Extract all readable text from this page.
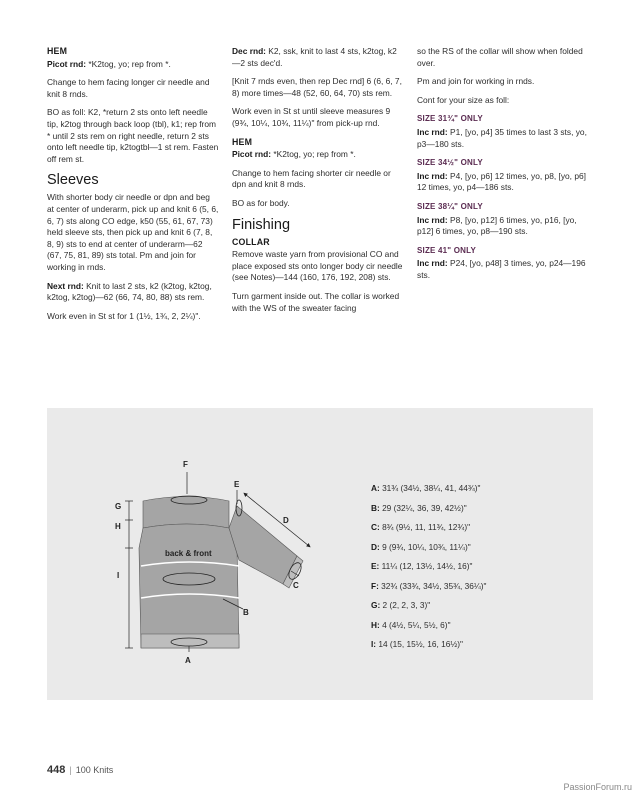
HEM

Picot rnd: *K2tog, yo; rep from *.

Change to hem facing longer cir needle and knit 8 rnds.

BO as foll: K2, *return 2 sts onto left needle tip, k2tog through back loop (tbl), k1; rep from * until 2 sts rem on right needle, return 2 sts onto left needle tip, k2togtbl—1 st rem. Fasten off rem st.

Sleeves

With shorter body cir needle or dpn and beg at center of underarm, pick up and knit 6 (5, 6, 6, 7) sts along CO edge, k50 (55, 61, 67, 73) held sleeve sts, then pick up and knit 6 (7, 8, 8, 9) sts to end at center of underarm—62 (67, 75, 81, 89) sts total. Pm and join for working in rnds.

Next rnd: Knit to last 2 sts, k2 (k2tog, k2tog, k2tog, k2tog)—62 (66, 74, 80, 88) sts rem.

Work even in St st for 1 (1½, 1¾, 2, 2¼)".

Dec rnd: K2, ssk, knit to last 4 sts, k2tog, k2—2 sts dec'd.

[Knit 7 rnds even, then rep Dec rnd] 6 (6, 6, 7, 8) more times—48 (52, 60, 64, 70) sts rem.

Work even in St st until sleeve measures 9 (9¾, 10¼, 10¾, 11¼)" from pick-up rnd.

HEM

Picot rnd: *K2tog, yo; rep from *.

Change to hem facing shorter cir needle or dpn and knit 8 rnds.

BO as for body.

Finishing
COLLAR

Remove waste yarn from provisional CO and place exposed sts onto longer body cir needle (see Notes)—144 (160, 176, 192, 208) sts.

Turn garment inside out. The collar is worked with the WS of the sweater facing

so the RS of the collar will show when folded over.

Pm and join for working in rnds.

Cont for your size as foll:

SIZE 31¾" ONLY

Inc rnd: P1, [yo, p4] 35 times to last 3 sts, yo, p3—180 sts.

SIZE 34½" ONLY

Inc rnd: P4, [yo, p6] 12 times, yo, p8, [yo, p6] 12 times, yo, p4—186 sts.

SIZE 38¼" ONLY

Inc rnd: P8, [yo, p12] 6 times, yo, p16, [yo, p12] 6 times, yo, p8—190 sts.

SIZE 41" ONLY

Inc rnd: P24, [yo, p48] 3 times, yo, p24—196 sts.

back & front
F
E
D
C
B
A
G
H
I
A: 31¾ (34½, 38¼, 41, 44¾)"
B: 29 (32¼, 36, 39, 42½)"
C: 8¾ (9½, 11, 11¾, 12¾)"
D: 9 (9¾, 10¼, 10¾, 11¼)"
E: 11¼ (12, 13½, 14½, 16)"
F: 32¾ (33¾, 34½, 35¾, 36¼)"
G: 2 (2, 2, 3, 3)"
H: 4 (4½, 5¼, 5½, 6)"
I: 14 (15, 15½, 16, 16½)"
448 | 100 Knits
PassionForum.ru
